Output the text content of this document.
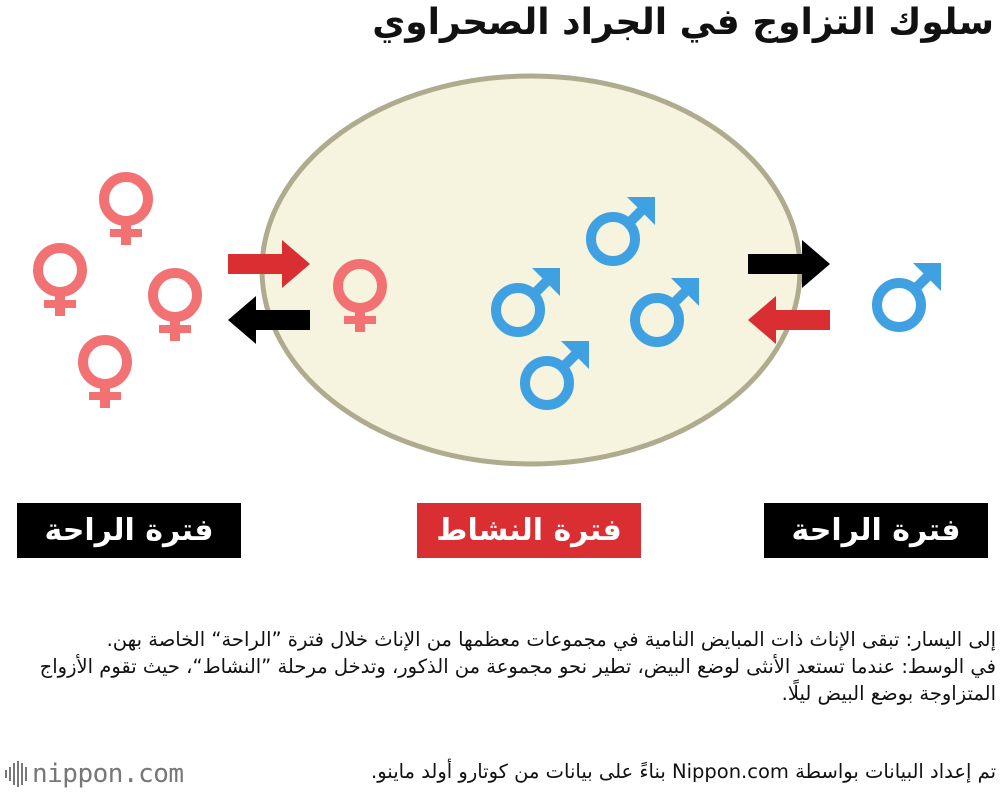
سلوك التزاوج في الجراد الصحراوي
فترة الراحة	فترة النشاط	فترة الراحة

إلى اليسار: تبقى الإناث ذات المبايض النامية في مجموعات معظمها من الإناث خلال فترة ”الراحة“ الخاصة بهن.

في الوسط: عندما تستعد الأنثى لوضع البيض، تطير نحو مجموعة من الذكور، وتدخل مرحلة ”النشاط“، حيث تقوم الأزواج المتزاوجة بوضع البيض ليلًا.

تم إعداد البيانات بواسطة Nippon.com بناءً على بيانات من كوتارو أولد ماينو.
nippon.com
